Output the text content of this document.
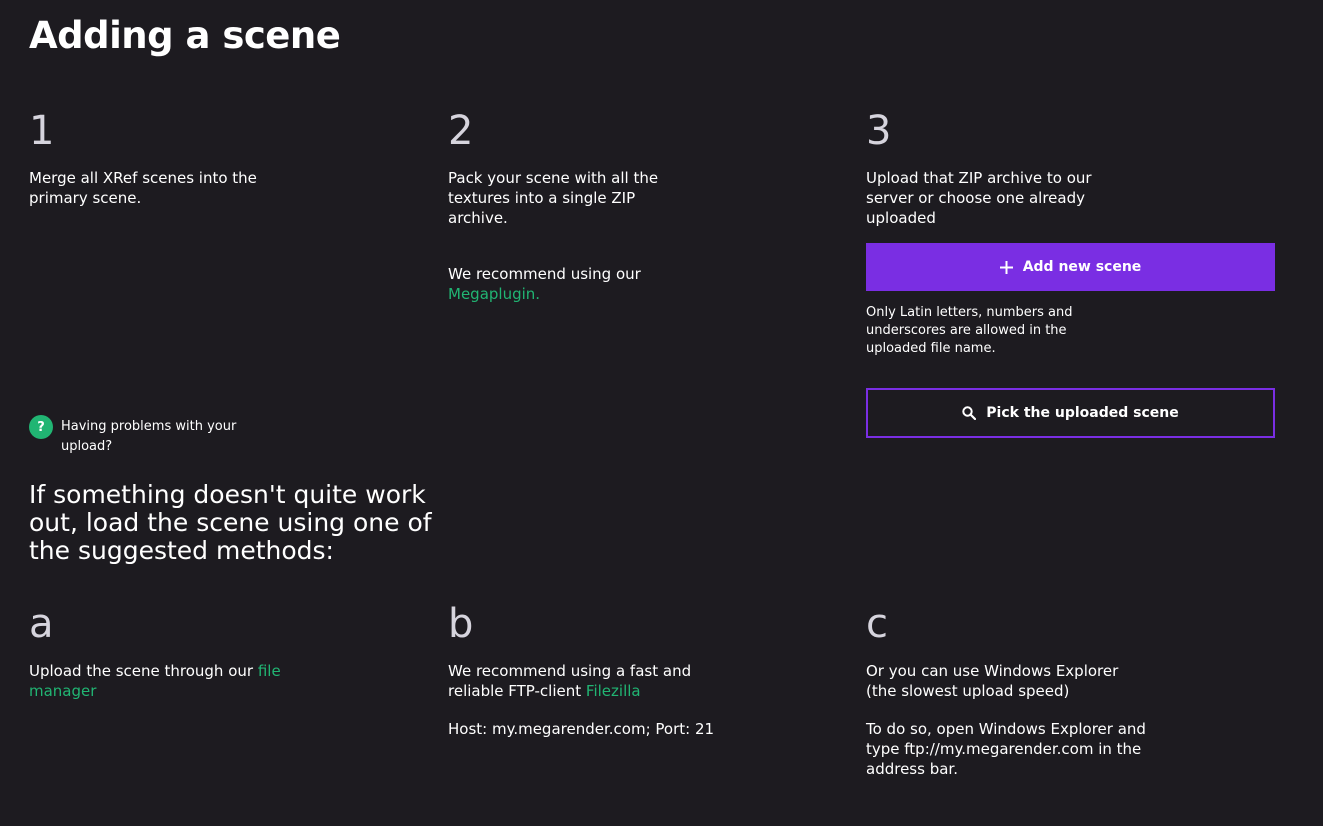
Adding a scene
1
Merge all XRef scenes into the primary scene.
2
Pack your scene with all the textures into a single ZIP archive.
We recommend using our
Megaplugin.
3
Upload that ZIP archive to our server or choose one already uploaded
Add new scene
Only Latin letters, numbers and underscores are allowed in the uploaded file name.
Pick the uploaded scene
?	Having problems with your upload?
If something doesn't quite work out, load the scene using one of the suggested methods:
a
Upload the scene through our file manager
b
We recommend using a fast and reliable FTP-client Filezilla
Host: my.megarender.com; Port: 21
c
Or you can use Windows Explorer (the slowest upload speed)
To do so, open Windows Explorer and type ftp://my.megarender.com in the address bar.
